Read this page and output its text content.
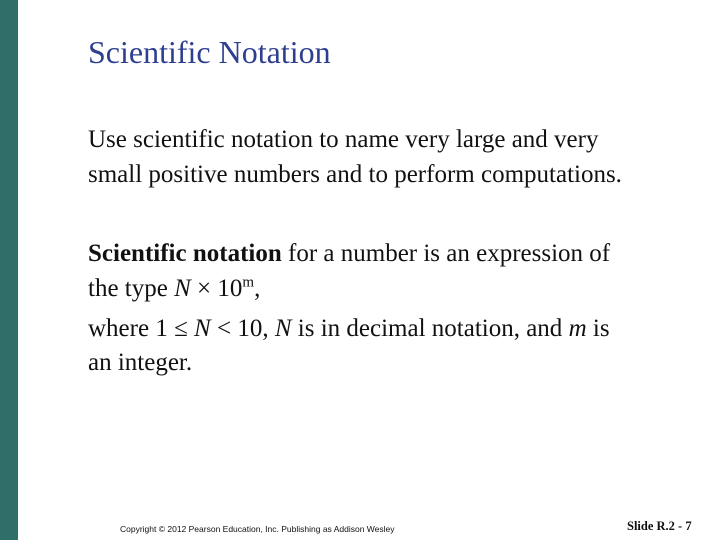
Scientific Notation
Use scientific notation to name very large and very
small positive numbers and to perform computations.
Scientific notation for a number is an expression of
the type $N \times 10^m$,
where 1 ≤ N < 10, N is in decimal notation, and m is
an integer.
Copyright © 2012 Pearson Education, Inc. Publishing as Addison Wesley	Slide R.2 - 7
